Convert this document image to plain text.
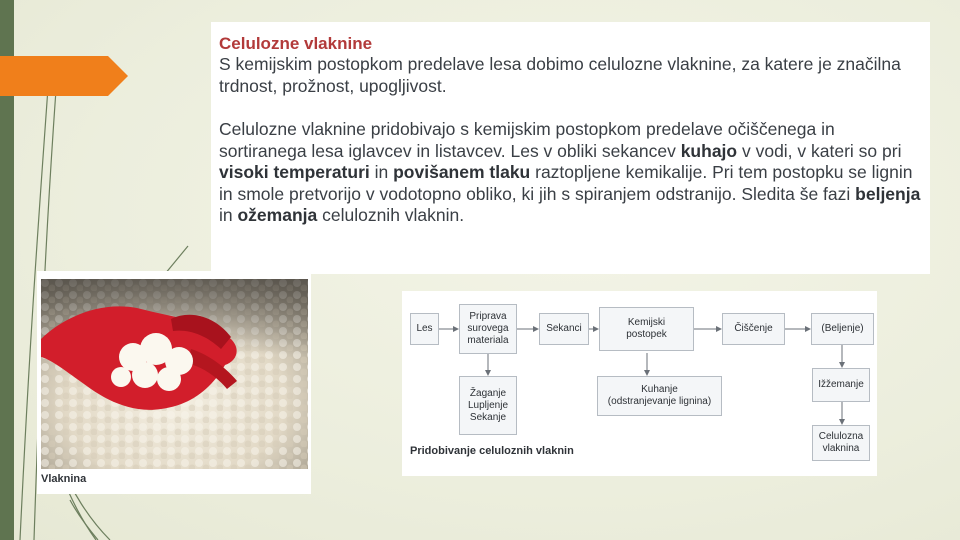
Celulozne vlaknine

S kemijskim postopkom predelave lesa dobimo celulozne vlaknine, za katere je značilna trdnost, prožnost, upogljivost.

Celulozne vlaknine pridobivajo s kemijskim postopkom predelave očiščenega in sortiranega lesa iglavcev in listavcev. Les v obliki sekancev kuhajo v vodi, v kateri so pri visoki temperaturi in povišanem tlaku raztopljene kemikalije. Pri tem postopku se lignin in smole pretvorijo v vodotopno obliko, ki jih s spiranjem odstranijo. Sledita še fazi beljenja in ožemanja celuloznih vlaknin.

Vlaknina
Les
Priprava
surovega
materiala
Sekanci
Kemijski
postopek
Čiščenje	(Beljenje)
Žaganje
Lupljenje
Sekanje
Kuhanje
(odstranjevanje lignina)
Ižžemanje
Celulozna
vlaknina
Pridobivanje celuloznih vlaknin
